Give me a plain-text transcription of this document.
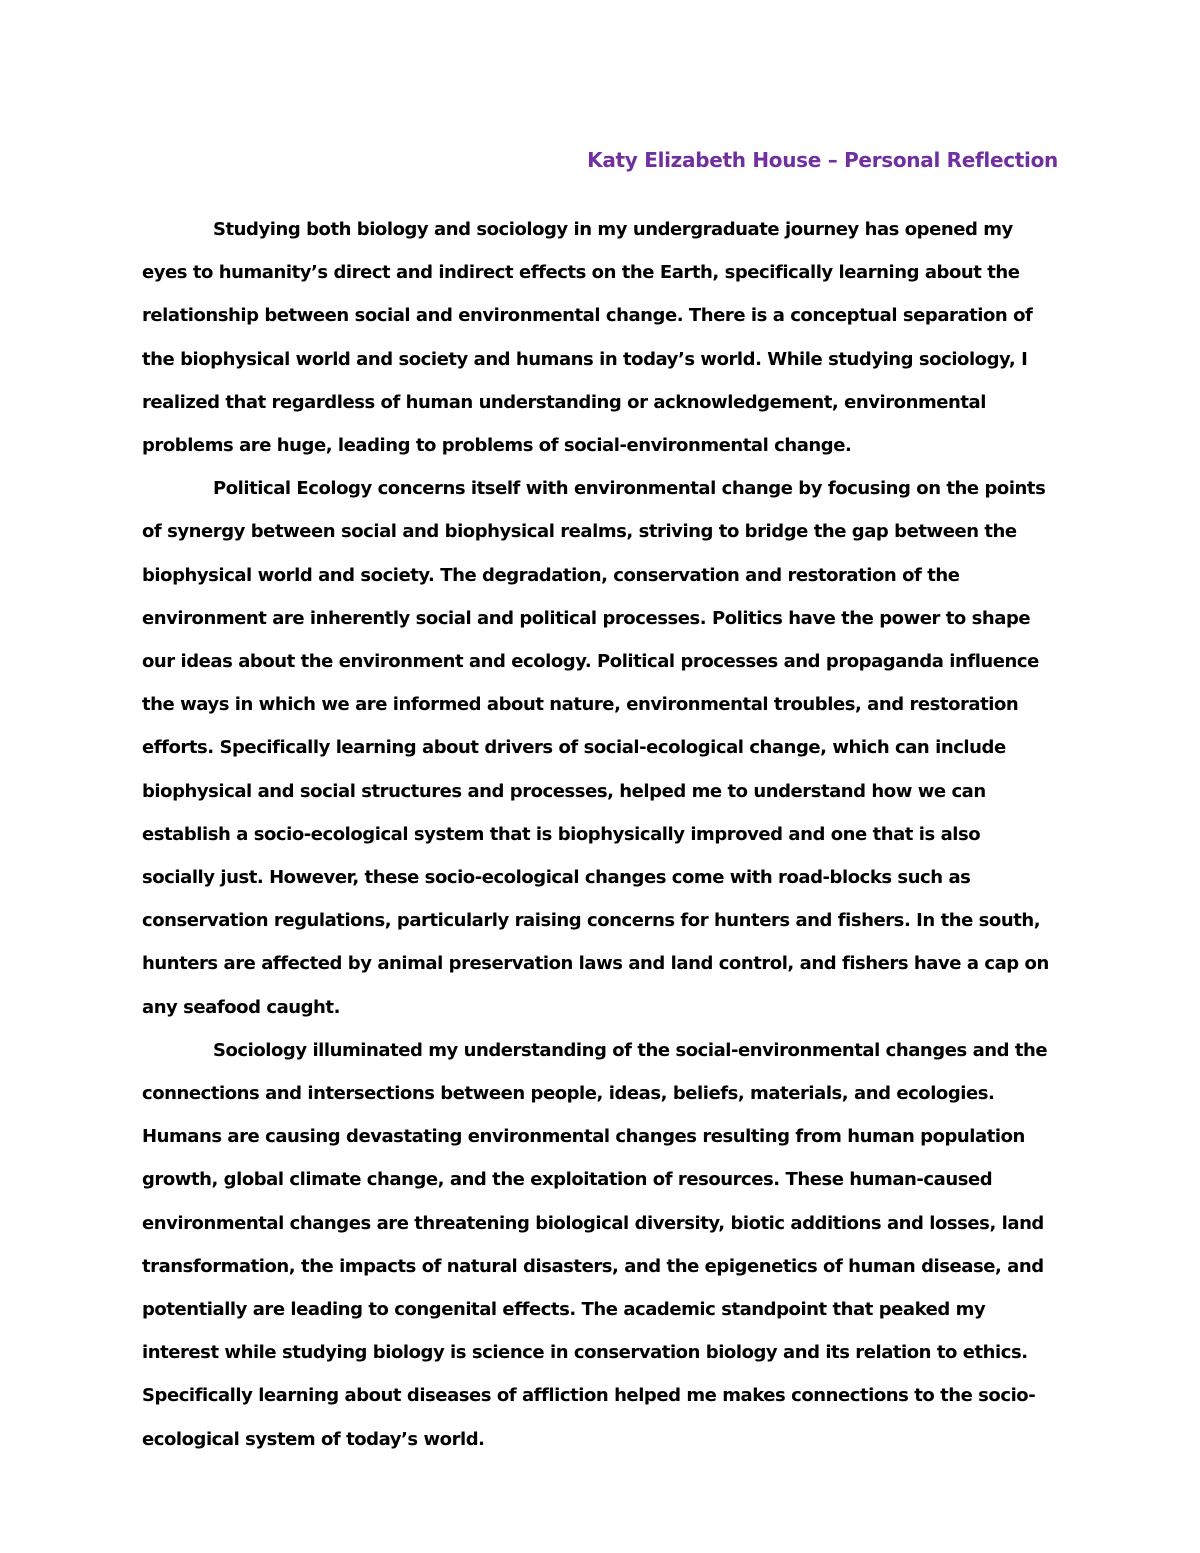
Katy Elizabeth House – Personal Reflection

Studying both biology and sociology in my undergraduate journey has opened my eyes to humanity’s direct and indirect effects on the Earth, specifically learning about the relationship between social and environmental change. There is a conceptual separation of the biophysical world and society and humans in today’s world. While studying sociology, I realized that regardless of human understanding or acknowledgement, environmental problems are huge, leading to problems of social-environmental change.

Political Ecology concerns itself with environmental change by focusing on the points of synergy between social and biophysical realms, striving to bridge the gap between the biophysical world and society. The degradation, conservation and restoration of the environment are inherently social and political processes. Politics have the power to shape our ideas about the environment and ecology. Political processes and propaganda influence the ways in which we are informed about nature, environmental troubles, and restoration efforts. Specifically learning about drivers of social-ecological change, which can include biophysical and social structures and processes, helped me to understand how we can establish a socio-ecological system that is biophysically improved and one that is also socially just. However, these socio-ecological changes come with road-blocks such as conservation regulations, particularly raising concerns for hunters and fishers. In the south, hunters are affected by animal preservation laws and land control, and fishers have a cap on any seafood caught.

Sociology illuminated my understanding of the social-environmental changes and the connections and intersections between people, ideas, beliefs, materials, and ecologies. Humans are causing devastating environmental changes resulting from human population growth, global climate change, and the exploitation of resources. These human-caused environmental changes are threatening biological diversity, biotic additions and losses, land transformation, the impacts of natural disasters, and the epigenetics of human disease, and potentially are leading to congenital effects. The academic standpoint that peaked my interest while studying biology is science in conservation biology and its relation to ethics. Specifically learning about diseases of affliction helped me makes connections to the socio-ecological system of today’s world.
